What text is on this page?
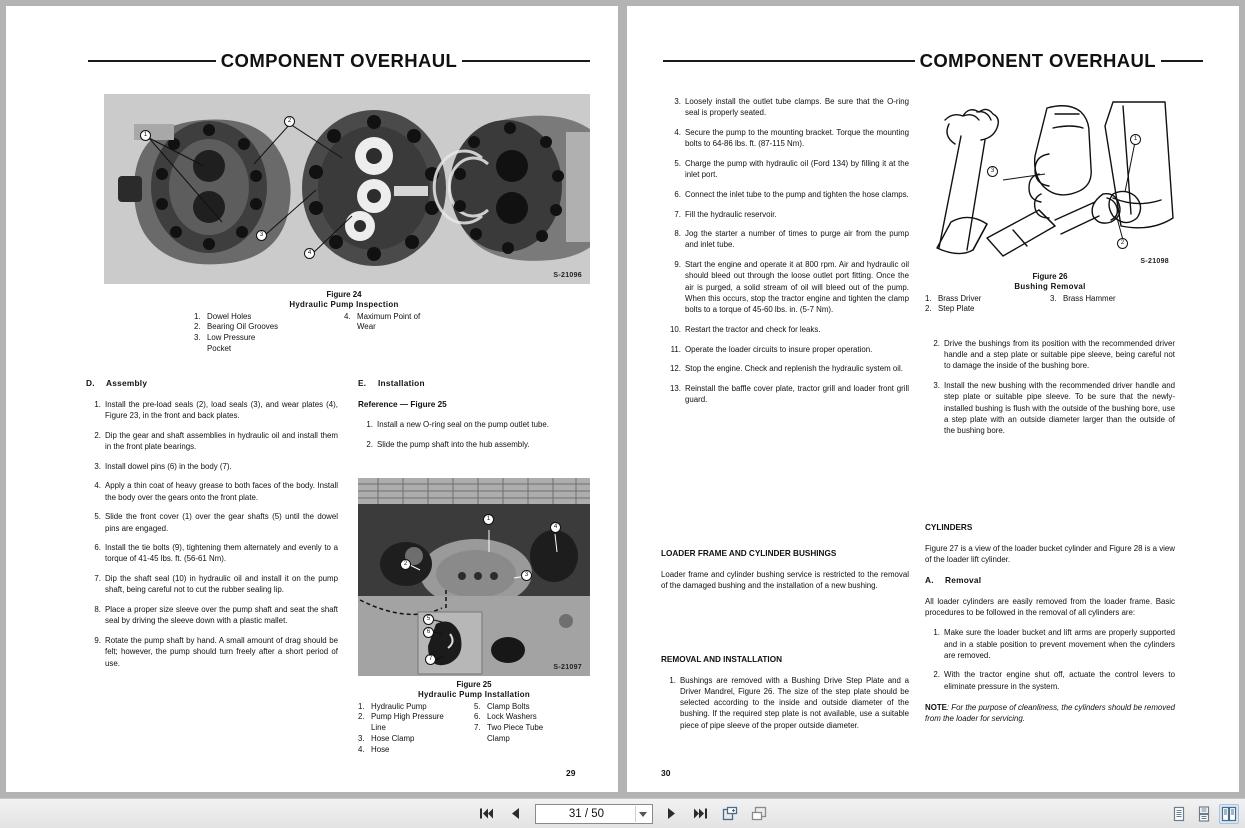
COMPONENT OVERHAUL
1
2
3
4
S-21096
Figure 24
Hydraulic Pump Inspection
1. Dowel Holes
2. Bearing Oil Grooves
3. Low Pressure
Pocket
4. Maximum Point of
Wear
D. Assembly
1. Install the pre-load seals (2), load seals (3), and wear plates (4), Figure 23, in the front and back plates.
2. Dip the gear and shaft assemblies in hydraulic oil and install them in the front plate bearings.
3. Install dowel pins (6) in the body (7).
4. Apply a thin coat of heavy grease to both faces of the body. Install the body over the gears onto the front plate.
5. Slide the front cover (1) over the gear shafts (5) until the dowel pins are engaged.
6. Install the tie bolts (9), tightening them alternately and evenly to a torque of 41-45 lbs. ft. (56-61 Nm).
7. Dip the shaft seal (10) in hydraulic oil and install it on the pump shaft, being careful not to cut the rubber sealing lip.
8. Place a proper size sleeve over the pump shaft and seat the shaft seal by driving the sleeve down with a plastic mallet.
9. Rotate the pump shaft by hand. A small amount of drag should be felt; however, the pump should turn freely after a short period of use.
E. Installation
Reference — Figure 25
1. Install a new O-ring seal on the pump outlet tube.
2. Slide the pump shaft into the hub assembly.
1
2
3
4
5
6
7
S-21097
Figure 25
Hydraulic Pump Installation
1. Hydraulic Pump
2. Pump High Pressure
Line
3. Hose Clamp
4. Hose
5. Clamp Bolts
6. Lock Washers
7. Two Piece Tube
Clamp
29
COMPONENT OVERHAUL
3. Loosely install the outlet tube clamps. Be sure that the O-ring seal is properly seated.
4. Secure the pump to the mounting bracket. Torque the mounting bolts to 64-86 lbs. ft. (87-115 Nm).
5. Charge the pump with hydraulic oil (Ford 134) by filling it at the inlet port.
6. Connect the inlet tube to the pump and tighten the hose clamps.
7. Fill the hydraulic reservoir.
8. Jog the starter a number of times to purge air from the pump and inlet tube.
9. Start the engine and operate it at 800 rpm. Air and hydraulic oil should bleed out through the loose outlet port fitting. Once the air is purged, a solid stream of oil will bleed out of the pump. When this occurs, stop the tractor engine and tighten the clamp bolts to a torque of 45-60 lbs. in. (5-7 Nm).
10. Restart the tractor and check for leaks.
11. Operate the loader circuits to insure proper operation.
12. Stop the engine. Check and replenish the hydraulic system oil.
13. Reinstall the baffle cover plate, tractor grill and loader front grill guard.
LOADER FRAME AND CYLINDER BUSHINGS
Loader frame and cylinder bushing service is restricted to the removal of the damaged bushing and the installation of a new bushing.
REMOVAL AND INSTALLATION
1. Bushings are removed with a Bushing Drive Step Plate and a Driver Mandrel, Figure 26. The size of the step plate should be selected according to the inside and outside diameter of the bushing. If the required step plate is not available, use a suitable piece of pipe sleeve of the proper outside diameter.
30
3
1
2
S-21098
Figure 26
Bushing Removal
1. Brass Driver
2. Step Plate
3. Brass Hammer
2. Drive the bushings from its position with the recommended driver handle and a step plate or suitable pipe sleeve, being careful not to damage the inside of the bushing bore.
3. Install the new bushing with the recommended driver handle and step plate or suitable pipe sleeve. To be sure that the newly-installed bushing is flush with the outside of the bushing bore, use a step plate with an outside diameter larger than the outside of the bushing bore.
CYLINDERS
Figure 27 is a view of the loader bucket cylinder and Figure 28 is a view of the loader lift cylinder.
A. Removal
All loader cylinders are easily removed from the loader frame. Basic procedures to be followed in the removal of all cylinders are:
1. Make sure the loader bucket and lift arms are properly supported and in a stable position to prevent movement when the cylinders are removed.
2. With the tractor engine shut off, actuate the control levers to eliminate pressure in the system.
NOTE: For the purpose of cleanliness, the cylinders should be removed from the loader for servicing.
31 / 50
